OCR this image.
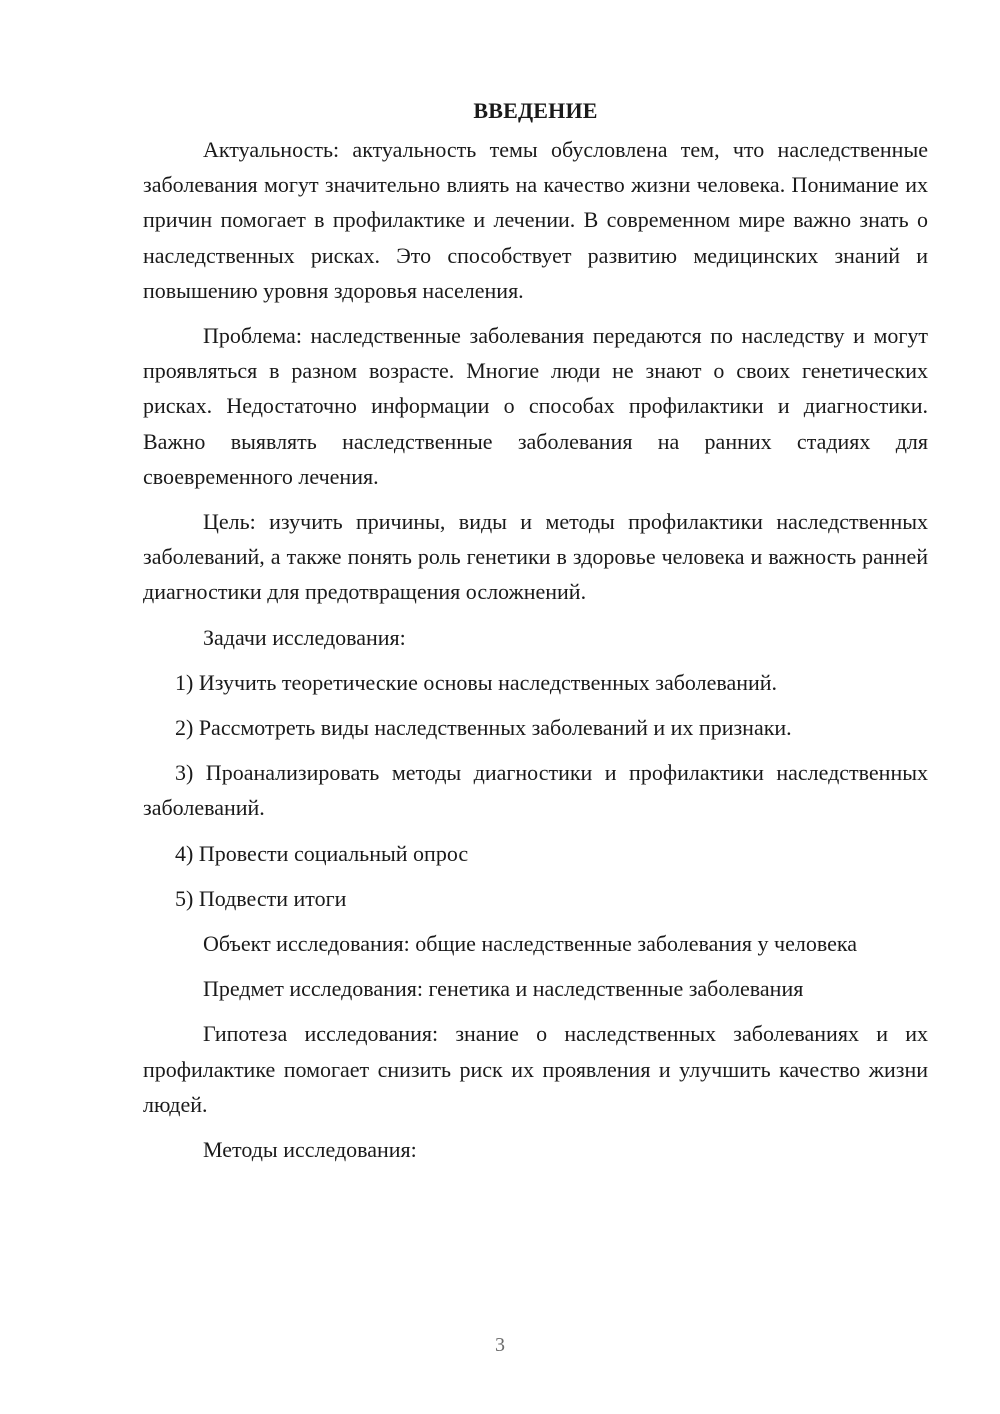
ВВЕДЕНИЕ

Актуальность: актуальность темы обусловлена тем, что наследственные заболевания могут значительно влиять на качество жизни человека. Понимание их причин помогает в профилактике и лечении. В современном мире важно знать о наследственных рисках. Это способствует развитию медицинских знаний и повышению уровня здоровья населения.

Проблема: наследственные заболевания передаются по наследству и могут проявляться в разном возрасте. Многие люди не знают о своих генетических рисках. Недостаточно информации о способах профилактики и диагностики. Важно выявлять наследственные заболевания на ранних стадиях для своевременного лечения.

Цель: изучить причины, виды и методы профилактики наследственных заболеваний, а также понять роль генетики в здоровье человека и важность ранней диагностики для предотвращения осложнений.

Задачи исследования:

1) Изучить теоретические основы наследственных заболеваний.

2) Рассмотреть виды наследственных заболеваний и их признаки.

3) Проанализировать методы диагностики и профилактики наследственных заболеваний.

4) Провести социальный опрос

5) Подвести итоги

Объект исследования: общие наследственные заболевания у человека

Предмет исследования: генетика и наследственные заболевания

Гипотеза исследования: знание о наследственных заболеваниях и их профилактике помогает снизить риск их проявления и улучшить качество жизни людей.

Методы исследования:

3
